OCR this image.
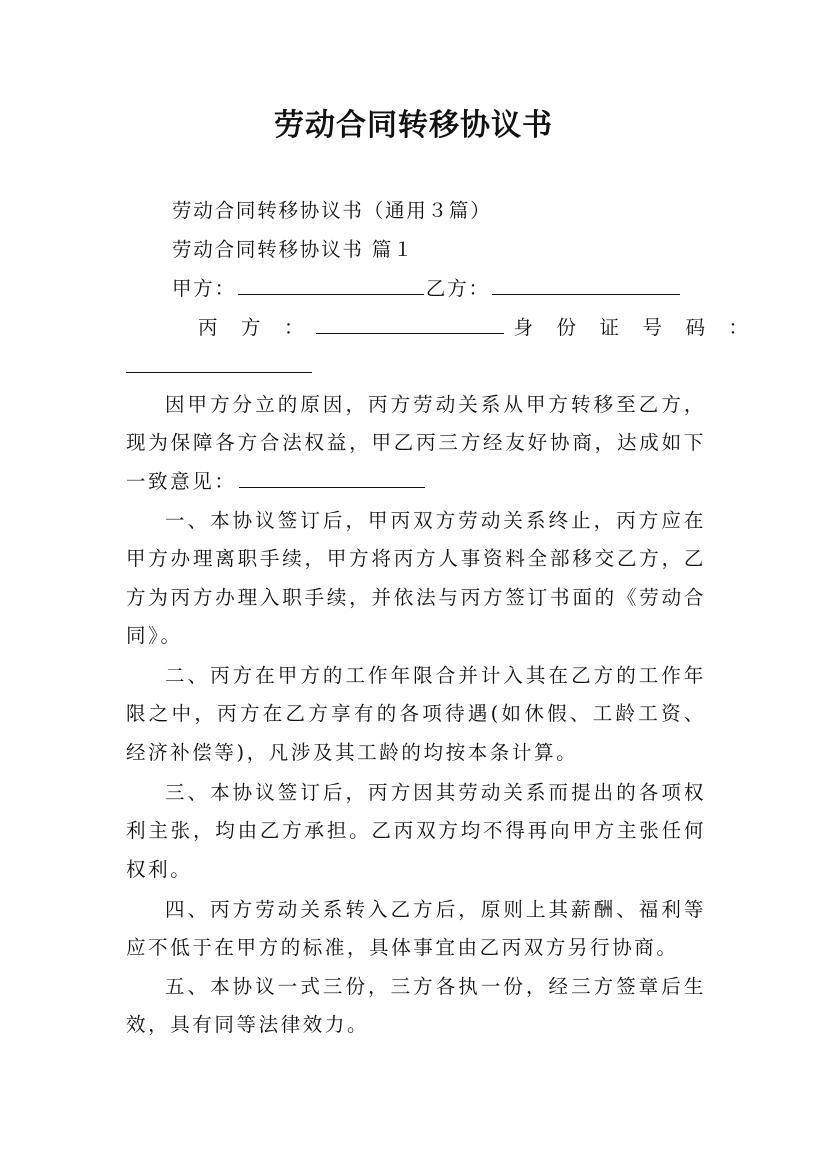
劳动合同转移协议书
劳动合同转移协议书（通用３篇）
劳动合同转移协议书 篇１
甲方：	乙方：
丙　方　：	身　份　证　号　码　：
因甲方分立的原因，丙方劳动关系从甲方转移至乙方，现为保障各方合法权益，甲乙丙三方经友好协商，达成如下一致意见：
一、本协议签订后，甲丙双方劳动关系终止，丙方应在甲方办理离职手续，甲方将丙方人事资料全部移交乙方，乙方为丙方办理入职手续，并依法与丙方签订书面的《劳动合同》。
二、丙方在甲方的工作年限合并计入其在乙方的工作年限之中，丙方在乙方享有的各项待遇(如休假、工龄工资、经济补偿等)，凡涉及其工龄的均按本条计算。
三、本协议签订后，丙方因其劳动关系而提出的各项权利主张，均由乙方承担。乙丙双方均不得再向甲方主张任何权利。
四、丙方劳动关系转入乙方后，原则上其薪酬、福利等应不低于在甲方的标准，具体事宜由乙丙双方另行协商。
五、本协议一式三份，三方各执一份，经三方签章后生效，具有同等法律效力。
